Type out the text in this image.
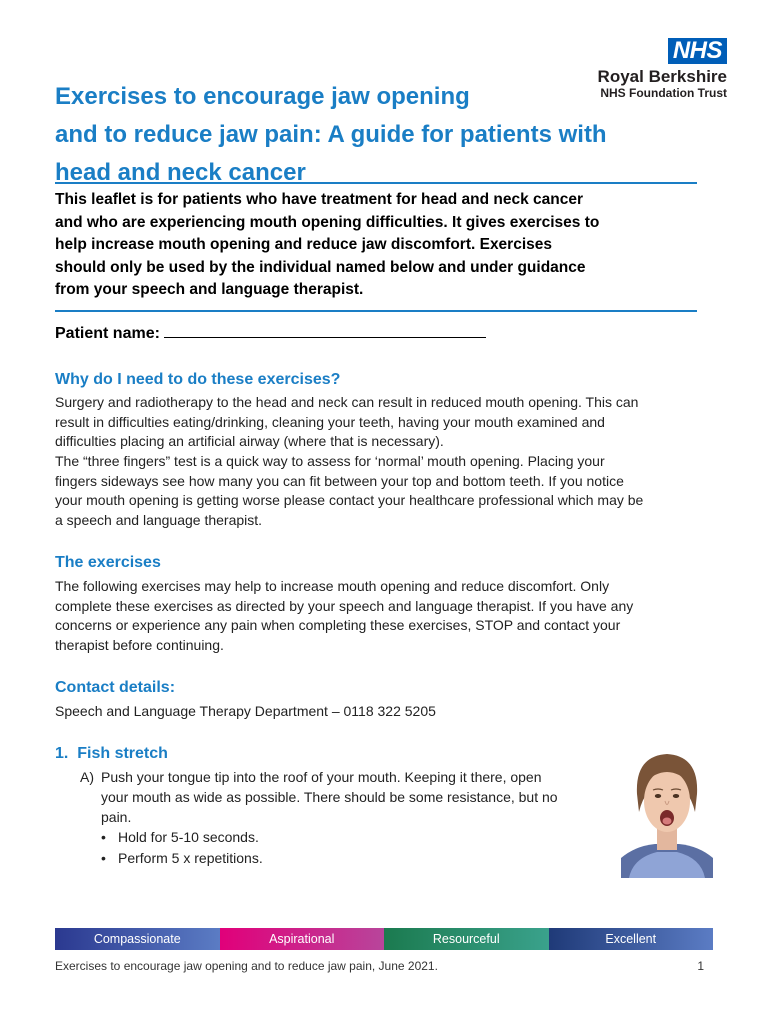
NHS
Royal Berkshire
NHS Foundation Trust
Exercises to encourage jaw opening
and to reduce jaw pain: A guide for patients with
head and neck cancer

This leaflet is for patients who have treatment for head and neck cancer
and who are experiencing mouth opening difficulties. It gives exercises to
help increase mouth opening and reduce jaw discomfort. Exercises
should only be used by the individual named below and under guidance
from your speech and language therapist.

Patient name:

Why do I need to do these exercises?

Surgery and radiotherapy to the head and neck can result in reduced mouth opening. This can
result in difficulties eating/drinking, cleaning your teeth, having your mouth examined and
difficulties placing an artificial airway (where that is necessary).

The “three fingers” test is a quick way to assess for ‘normal’ mouth opening. Placing your
fingers sideways see how many you can fit between your top and bottom teeth. If you notice
your mouth opening is getting worse please contact your healthcare professional which may be
a speech and language therapist.

The exercises

The following exercises may help to increase mouth opening and reduce discomfort. Only
complete these exercises as directed by your speech and language therapist. If you have any
concerns or experience any pain when completing these exercises, STOP and contact your
therapist before continuing.

Contact details:

Speech and Language Therapy Department – 0118 322 5205

1.  Fish stretch
A) Push your tongue tip into the roof of your mouth. Keeping it there, open
your mouth as wide as possible. There should be some resistance, but no
pain.
• Hold for 5-10 seconds.
• Perform 5 x repetitions.
Compassionate	Aspirational	Resourceful	Excellent

Exercises to encourage jaw opening and to reduce jaw pain, June 2021.	1
